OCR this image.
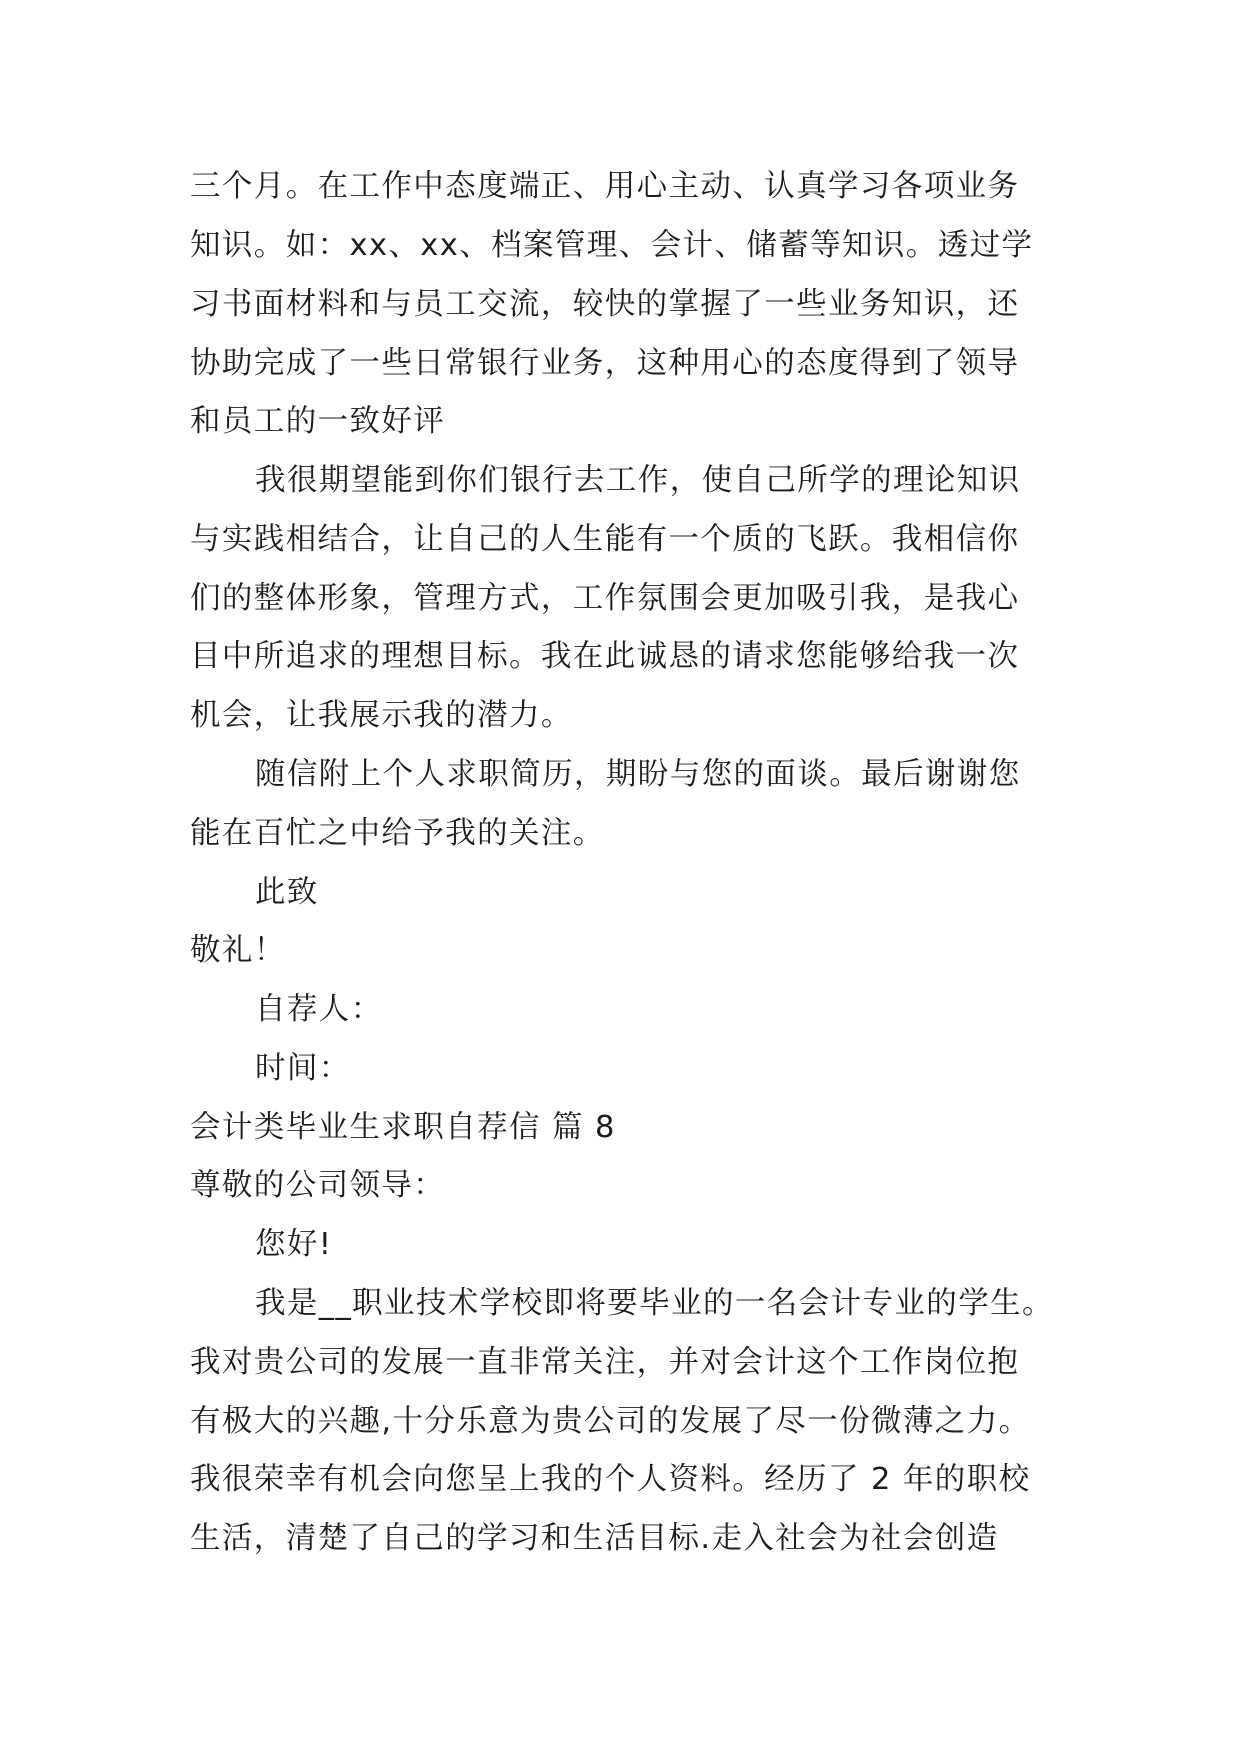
三个月。在工作中态度端正、用心主动、认真学习各项业务
知识。如：xx、xx、档案管理、会计、储蓄等知识。透过学
习书面材料和与员工交流，较快的掌握了一些业务知识，还
协助完成了一些日常银行业务，这种用心的态度得到了领导
和员工的一致好评
我很期望能到你们银行去工作，使自己所学的理论知识
与实践相结合，让自己的人生能有一个质的飞跃。我相信你
们的整体形象，管理方式，工作氛围会更加吸引我，是我心
目中所追求的理想目标。我在此诚恳的请求您能够给我一次
机会，让我展示我的潜力。
随信附上个人求职简历，期盼与您的面谈。最后谢谢您
能在百忙之中给予我的关注。
此致
敬礼！
自荐人：
时间：
会计类毕业生求职自荐信 篇 8
尊敬的公司领导：
您好!
我是__职业技术学校即将要毕业的一名会计专业的学生。
我对贵公司的发展一直非常关注，并对会计这个工作岗位抱
有极大的兴趣,十分乐意为贵公司的发展了尽一份微薄之力。
我很荣幸有机会向您呈上我的个人资料。经历了 2 年的职校
生活，清楚了自己的学习和生活目标.走入社会为社会创造
